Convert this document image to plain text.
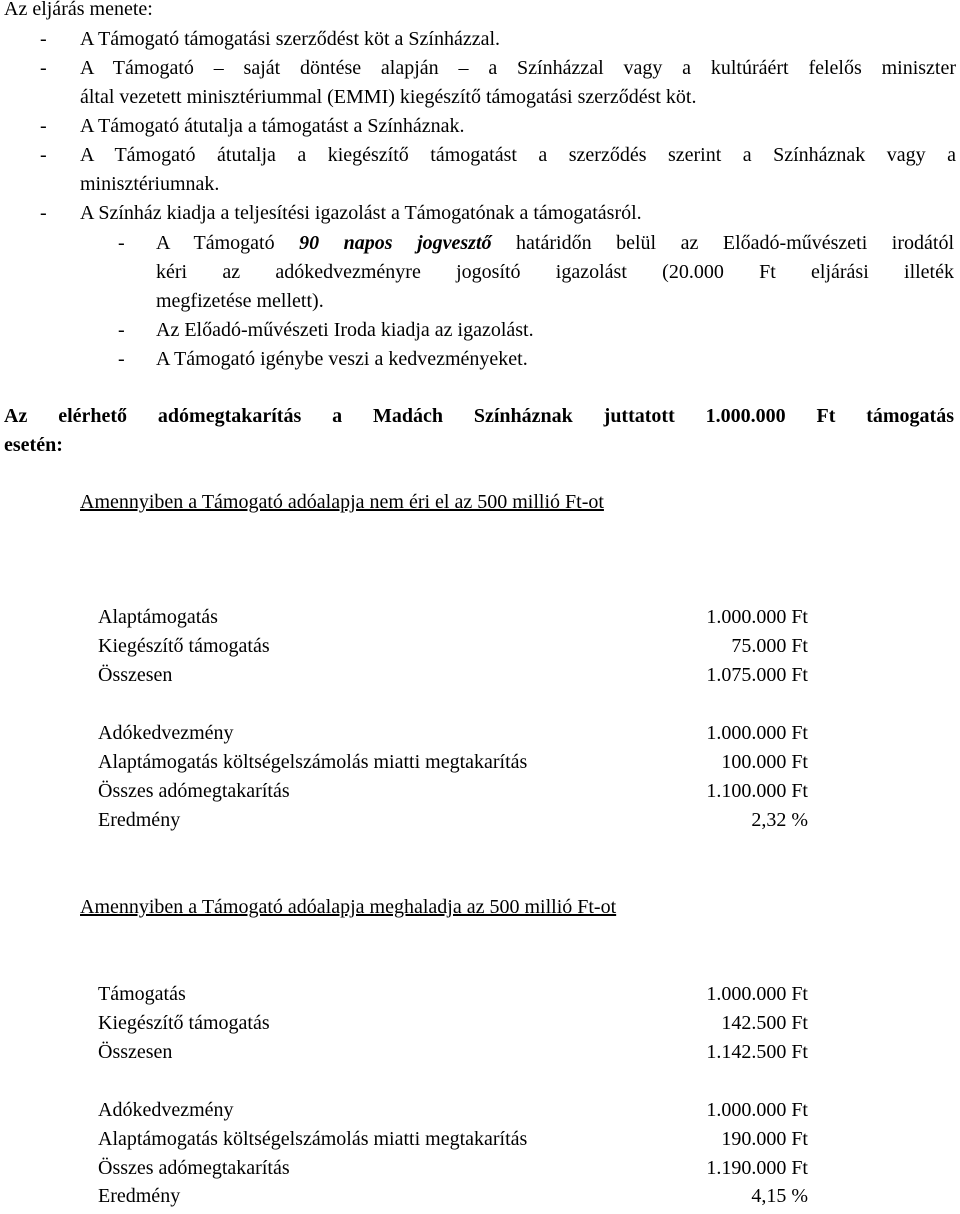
Az eljárás menete:
- A Támogató támogatási szerződést köt a Színházzal.
- A Támogató – saját döntése alapján – a Színházzal vagy a kultúráért felelős miniszter
által vezetett minisztériummal (EMMI) kiegészítő támogatási szerződést köt.
- A Támogató átutalja a támogatást a Színháznak.
- A Támogató átutalja a kiegészítő támogatást a szerződés szerint a Színháznak vagy a
minisztériumnak.
- A Színház kiadja a teljesítési igazolást a Támogatónak a támogatásról.
- A Támogató 90 napos jogvesztő határidőn belül az Előadó-művészeti irodától
kéri az adókedvezményre jogosító igazolást (20.000 Ft eljárási illeték
megfizetése mellett).
- Az Előadó-művészeti Iroda kiadja az igazolást.
- A Támogató igénybe veszi a kedvezményeket.
Az elérhető adómegtakarítás a Madách Színháznak juttatott 1.000.000 Ft támogatás
esetén:
Amennyiben a Támogató adóalapja nem éri el az 500 millió Ft-ot
Alaptámogatás	1.000.000 Ft
Kiegészítő támogatás	75.000 Ft
Összesen	1.075.000 Ft
Adókedvezmény	1.000.000 Ft
Alaptámogatás költségelszámolás miatti megtakarítás	100.000 Ft
Összes adómegtakarítás	1.100.000 Ft
Eredmény	2,32 %
Amennyiben a Támogató adóalapja meghaladja az 500 millió Ft-ot
Támogatás	1.000.000 Ft
Kiegészítő támogatás	142.500 Ft
Összesen	1.142.500 Ft
Adókedvezmény	1.000.000 Ft
Alaptámogatás költségelszámolás miatti megtakarítás	190.000 Ft
Összes adómegtakarítás	1.190.000 Ft
Eredmény	4,15 %
